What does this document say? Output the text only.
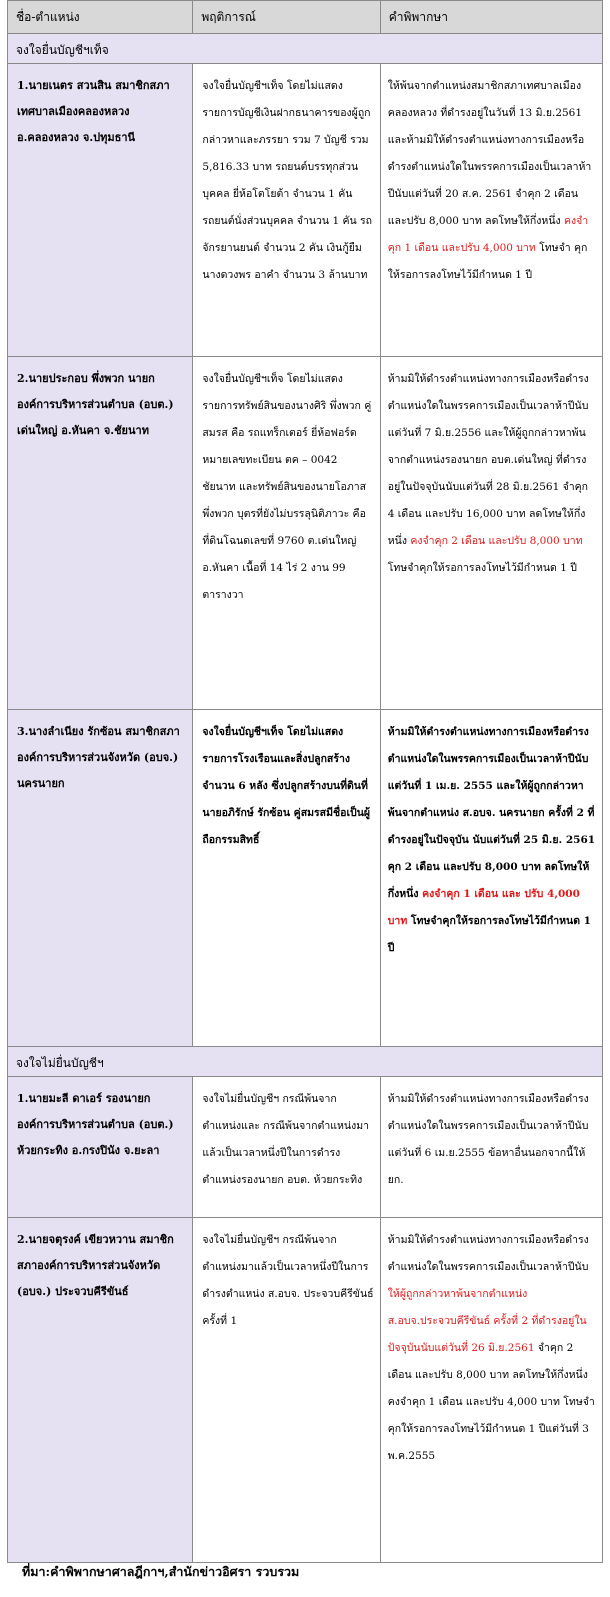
ชื่อ-ตำแหน่ง	พฤติการณ์	คำพิพากษา
จงใจยื่นบัญชีฯเท็จ
1.นายเนตร สวนสิน สมาชิกสภาเทศบาลเมืองคลองหลวง อ.คลองหลวง จ.ปทุมธานี
จงใจยื่นบัญชีฯเท็จ โดยไม่แสดงรายการบัญชีเงินฝากธนาคารของผู้ถูกกล่าวหาและภรรยา รวม 7 บัญชี รวม 5,816.33 บาท รถยนต์บรรทุกส่วนบุคคล ยี่ห้อโตโยต้า จำนวน 1 คัน รถยนต์นั่งส่วนบุคคล จำนวน 1 คัน รถจักรยานยนต์ จำนวน 2 คัน เงินกู้ยืมนางดวงพร อาคำ จำนวน 3 ล้านบาท
ให้พ้นจากตำแหน่งสมาชิกสภาเทศบาลเมืองคลองหลวง ที่ดำรงอยู่ในวันที่ 13 มิ.ย.2561 และห้ามมิให้ดำรงตำแหน่งทางการเมืองหรือดำรงตำแหน่งใดในพรรคการเมืองเป็นเวลาห้าปีนับแต่วันที่ 20 ส.ค. 2561 จำคุก 2 เดือน และปรับ 8,000 บาท ลดโทษให้กึ่งหนึ่ง คงจำคุก 1 เดือน และปรับ 4,000 บาท โทษจำ คุกให้รอการลงโทษไว้มีกำหนด 1 ปี
2.นายประกอบ พึ่งพวก นายกองค์การบริหารส่วนตำบล (อบต.) เด่นใหญ่ อ.หันคา จ.ชัยนาท
จงใจยื่นบัญชีฯเท็จ โดยไม่แสดงรายการทรัพย์สินของนางศิริ พึ่งพวก คู่สมรส คือ รถแทร็กเตอร์ ยี่ห้อฟอร์ด หมายเลขทะเบียน ตค – 0042 ชัยนาท และทรัพย์สินของนายโอภาส พึ่งพวก บุตรที่ยังไม่บรรลุนิติภาวะ คือ ที่ดินโฉนดเลขที่ 9760 ต.เด่นใหญ่ อ.หันคา เนื้อที่ 14 ไร่ 2 งาน 99 ตารางวา
ห้ามมิให้ดำรงตำแหน่งทางการเมืองหรือดำรงตำแหน่งใดในพรรคการเมืองเป็นเวลาห้าปีนับแต่วันที่ 7 มิ.ย.2556 และให้ผู้ถูกกล่าวหาพ้นจากตำแหน่งรองนายก อบต.เด่นใหญ่ ที่ดำรงอยู่ในปัจจุบันนับแต่วันที่ 28 มิ.ย.2561 จำคุก 4 เดือน และปรับ 16,000 บาท ลดโทษให้กึ่งหนึ่ง คงจำคุก 2 เดือน และปรับ 8,000 บาท โทษจำคุกให้รอการลงโทษไว้มีกำหนด 1 ปี
3.นางลำเนียง รักซ้อน สมาชิกสภาองค์การบริหารส่วนจังหวัด (อบจ.) นครนายก
จงใจยื่นบัญชีฯเท็จ โดยไม่แสดงรายการโรงเรือนและสิ่งปลูกสร้าง จำนวน 6 หลัง ซึ่งปลูกสร้างบนที่ดินที่นายอภิรักษ์ รักซ้อน คู่สมรสมีชื่อเป็นผู้ถือกรรมสิทธิ์
ห้ามมิให้ดำรงตำแหน่งทางการเมืองหรือดำรงตำแหน่งใดในพรรคการเมืองเป็นเวลาห้าปีนับแต่วันที่ 1 เม.ย. 2555 และให้ผู้ถูกกล่าวหาพ้นจากตำแหน่ง ส.อบจ. นครนายก ครั้งที่ 2 ที่ดำรงอยู่ในปัจจุบัน นับแต่วันที่ 25 มิ.ย. 2561 คุก 2 เดือน และปรับ 8,000 บาท ลดโทษให้กึ่งหนึ่ง คงจำคุก 1 เดือน และ ปรับ 4,000 บาท โทษจำคุกให้รอการลงโทษไว้มีกำหนด 1 ปี
จงใจไม่ยื่นบัญชีฯ
1.นายมะลี ดาเอร์ รองนายกองค์การบริหารส่วนตำบล (อบต.) ห้วยกระทิง อ.กรงปินัง จ.ยะลา
จงใจไม่ยื่นบัญชีฯ กรณีพ้นจากตำแหน่งและ กรณีพ้นจากตำแหน่งมาแล้วเป็นเวลาหนึ่งปีในการดำรงตำแหน่งรองนายก อบต. ห้วยกระทิง
ห้ามมิให้ดำรงตำแหน่งทางการเมืองหรือดำรงตำแหน่งใดในพรรคการเมืองเป็นเวลาห้าปีนับแต่วันที่ 6 เม.ย.2555 ข้อหาอื่นนอกจากนี้ให้ยก.
2.นายจตุรงค์ เขียวหวาน สมาชิกสภาองค์การบริหารส่วนจังหวัด (อบจ.) ประจวบคีรีขันธ์
จงใจไม่ยื่นบัญชีฯ กรณีพ้นจากตำแหน่งมาแล้วเป็นเวลาหนึ่งปีในการดำรงตำแหน่ง ส.อบจ. ประจวบคีรีขันธ์ ครั้งที่ 1
ห้ามมิให้ดำรงตำแหน่งทางการเมืองหรือดำรงตำแหน่งใดในพรรคการเมืองเป็นเวลาห้าปีนับให้ผู้ถูกกล่าวหาพ้นจากตำแหน่ง ส.อบจ.ประจวบคีรีขันธ์ ครั้งที่ 2 ที่ดำรงอยู่ในปัจจุบันนับแต่วันที่ 26 มิ.ย.2561 จำคุก 2 เดือน และปรับ 8,000 บาท ลดโทษให้กึ่งหนึ่ง คงจำคุก 1 เดือน และปรับ 4,000 บาท โทษจำคุกให้รอการลงโทษไว้มีกำหนด 1 ปีแต่วันที่ 3 พ.ค.2555
ที่มา:คำพิพากษาศาลฎีกาฯ,สำนักข่าวอิศรา รวบรวม
